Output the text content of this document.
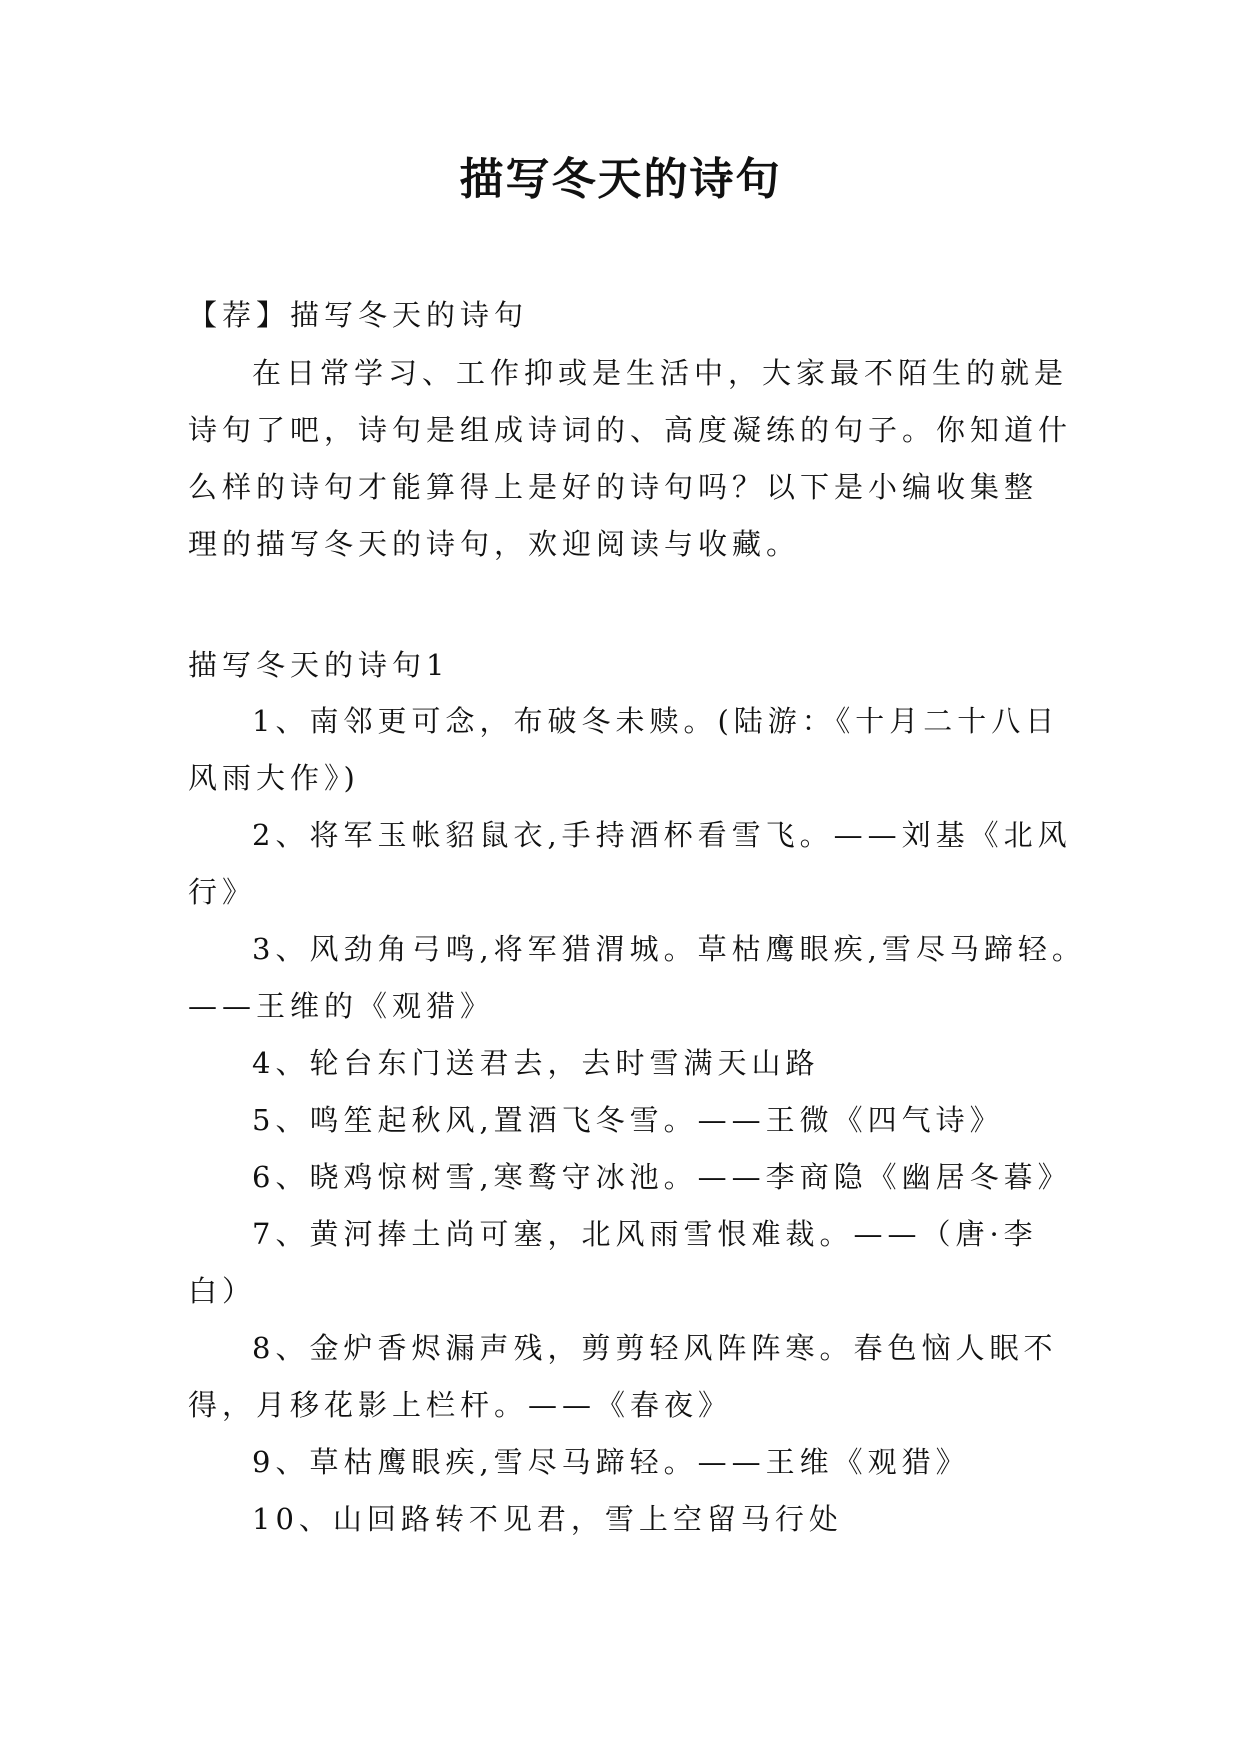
描写冬天的诗句
【荐】描写冬天的诗句
在日常学习、工作抑或是生活中，大家最不陌生的就是
诗句了吧，诗句是组成诗词的、高度凝练的句子。你知道什
么样的诗句才能算得上是好的诗句吗？以下是小编收集整
理的描写冬天的诗句，欢迎阅读与收藏。
描写冬天的诗句1
1、南邻更可念，布破冬未赎。(陆游：《十月二十八日
风雨大作》)
2、将军玉帐貂鼠衣,手持酒杯看雪飞。——刘基《北风
行》
3、风劲角弓鸣,将军猎渭城。草枯鹰眼疾,雪尽马蹄轻。
——王维的《观猎》
4、轮台东门送君去，去时雪满天山路
5、鸣笙起秋风,置酒飞冬雪。——王微《四气诗》
6、晓鸡惊树雪,寒鹜守冰池。——李商隐《幽居冬暮》
7、黄河捧土尚可塞，北风雨雪恨难裁。——（唐·李
白）
8、金炉香烬漏声残，剪剪轻风阵阵寒。春色恼人眠不
得，月移花影上栏杆。——《春夜》
9、草枯鹰眼疾,雪尽马蹄轻。——王维《观猎》
10、山回路转不见君，雪上空留马行处
